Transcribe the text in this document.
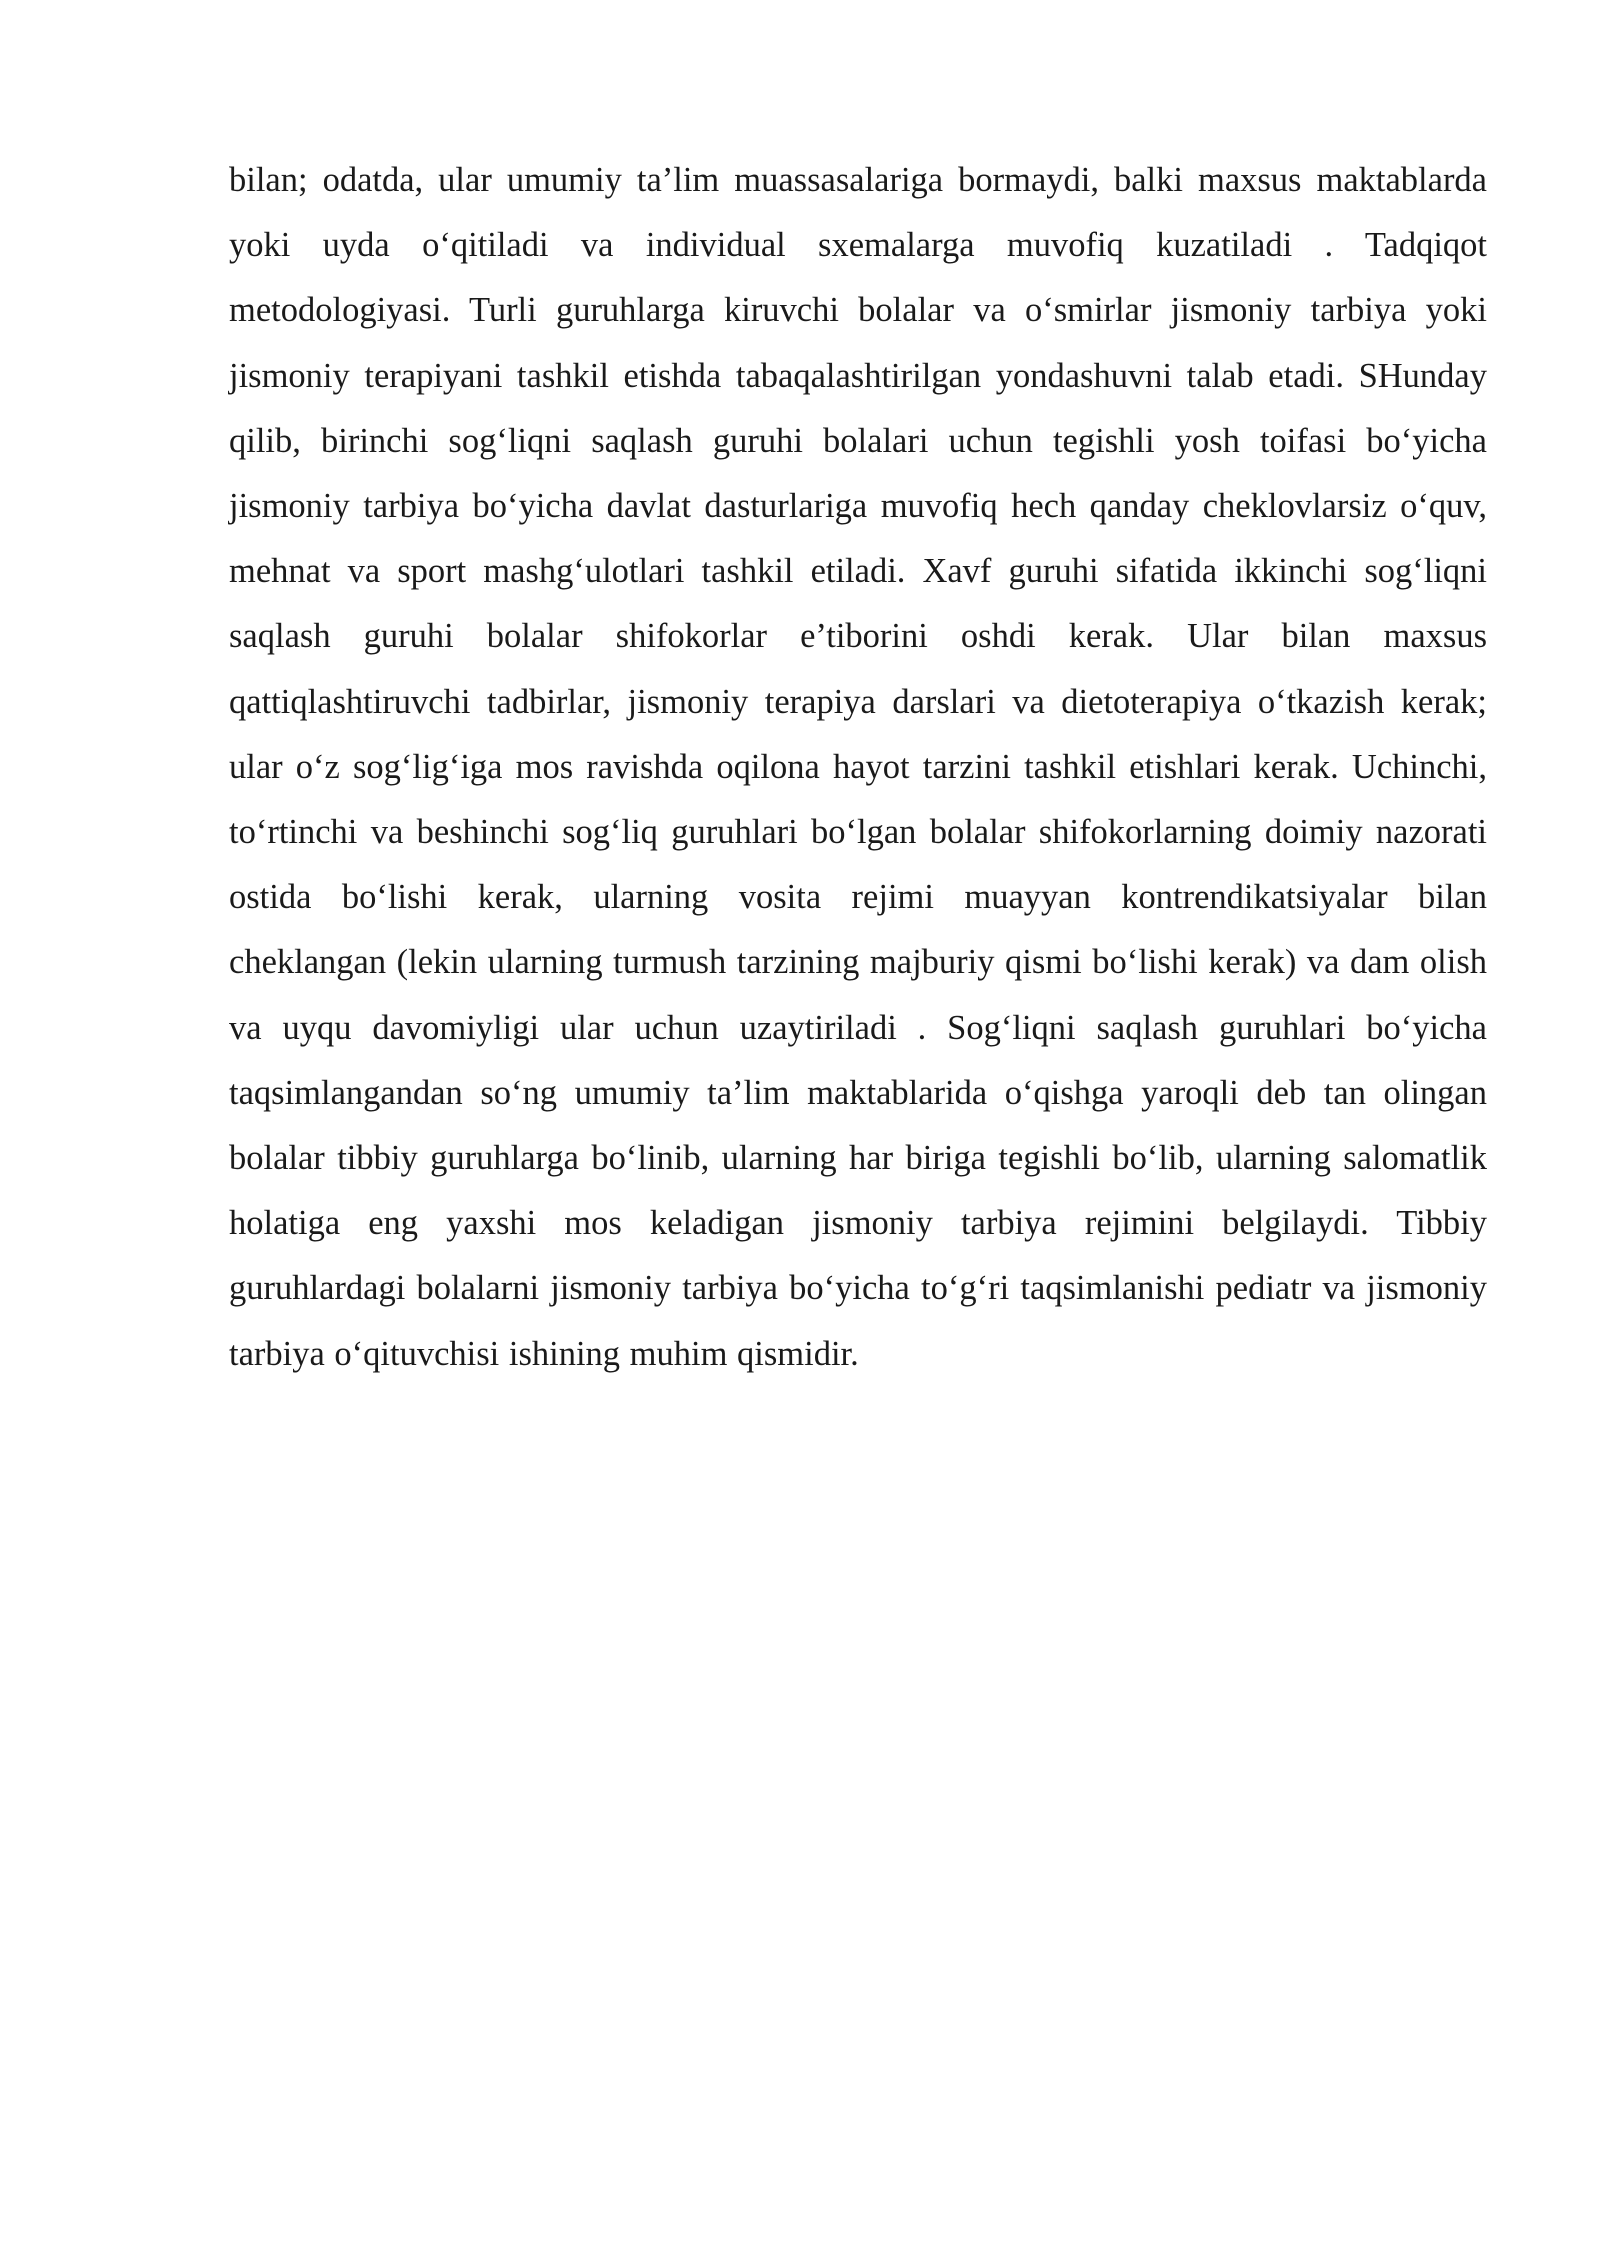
bilan; odatda, ular umumiy ta’lim muassasalariga bormaydi, balki maxsus maktablarda yoki uyda o‘qitiladi va individual sxemalarga muvofiq kuzatiladi . Tadqiqot metodologiyasi. Turli guruhlarga kiruvchi bolalar va o‘smirlar jismoniy tarbiya yoki jismoniy terapiyani tashkil etishda tabaqalashtirilgan yondashuvni talab etadi. SHunday qilib, birinchi sog‘liqni saqlash guruhi bolalari uchun tegishli yosh toifasi bo‘yicha jismoniy tarbiya bo‘yicha davlat dasturlariga muvofiq hech qanday cheklovlarsiz o‘quv, mehnat va sport mashg‘ulotlari tashkil etiladi. Xavf guruhi sifatida ikkinchi sog‘liqni saqlash guruhi bolalar shifokorlar e’tiborini oshdi kerak. Ular bilan maxsus qattiqlashtiruvchi tadbirlar, jismoniy terapiya darslari va dietoterapiya o‘tkazish kerak; ular o‘z sog‘lig‘iga mos ravishda oqilona hayot tarzini tashkil etishlari kerak. Uchinchi, to‘rtinchi va beshinchi sog‘liq guruhlari bo‘lgan bolalar shifokorlarning doimiy nazorati ostida bo‘lishi kerak, ularning vosita rejimi muayyan kontrendikatsiyalar bilan cheklangan (lekin ularning turmush tarzining majburiy qismi bo‘lishi kerak) va dam olish va uyqu davomiyligi ular uchun uzaytiriladi . Sog‘liqni saqlash guruhlari bo‘yicha taqsimlangandan so‘ng umumiy ta’lim maktablarida o‘qishga yaroqli deb tan olingan bolalar tibbiy guruhlarga bo‘linib, ularning har biriga tegishli bo‘lib, ularning salomatlik holatiga eng yaxshi mos keladigan jismoniy tarbiya rejimini belgilaydi. Tibbiy guruhlardagi bolalarni jismoniy tarbiya bo‘yicha to‘g‘ri taqsimlanishi pediatr va jismoniy tarbiya o‘qituvchisi ishining muhim qismidir.
